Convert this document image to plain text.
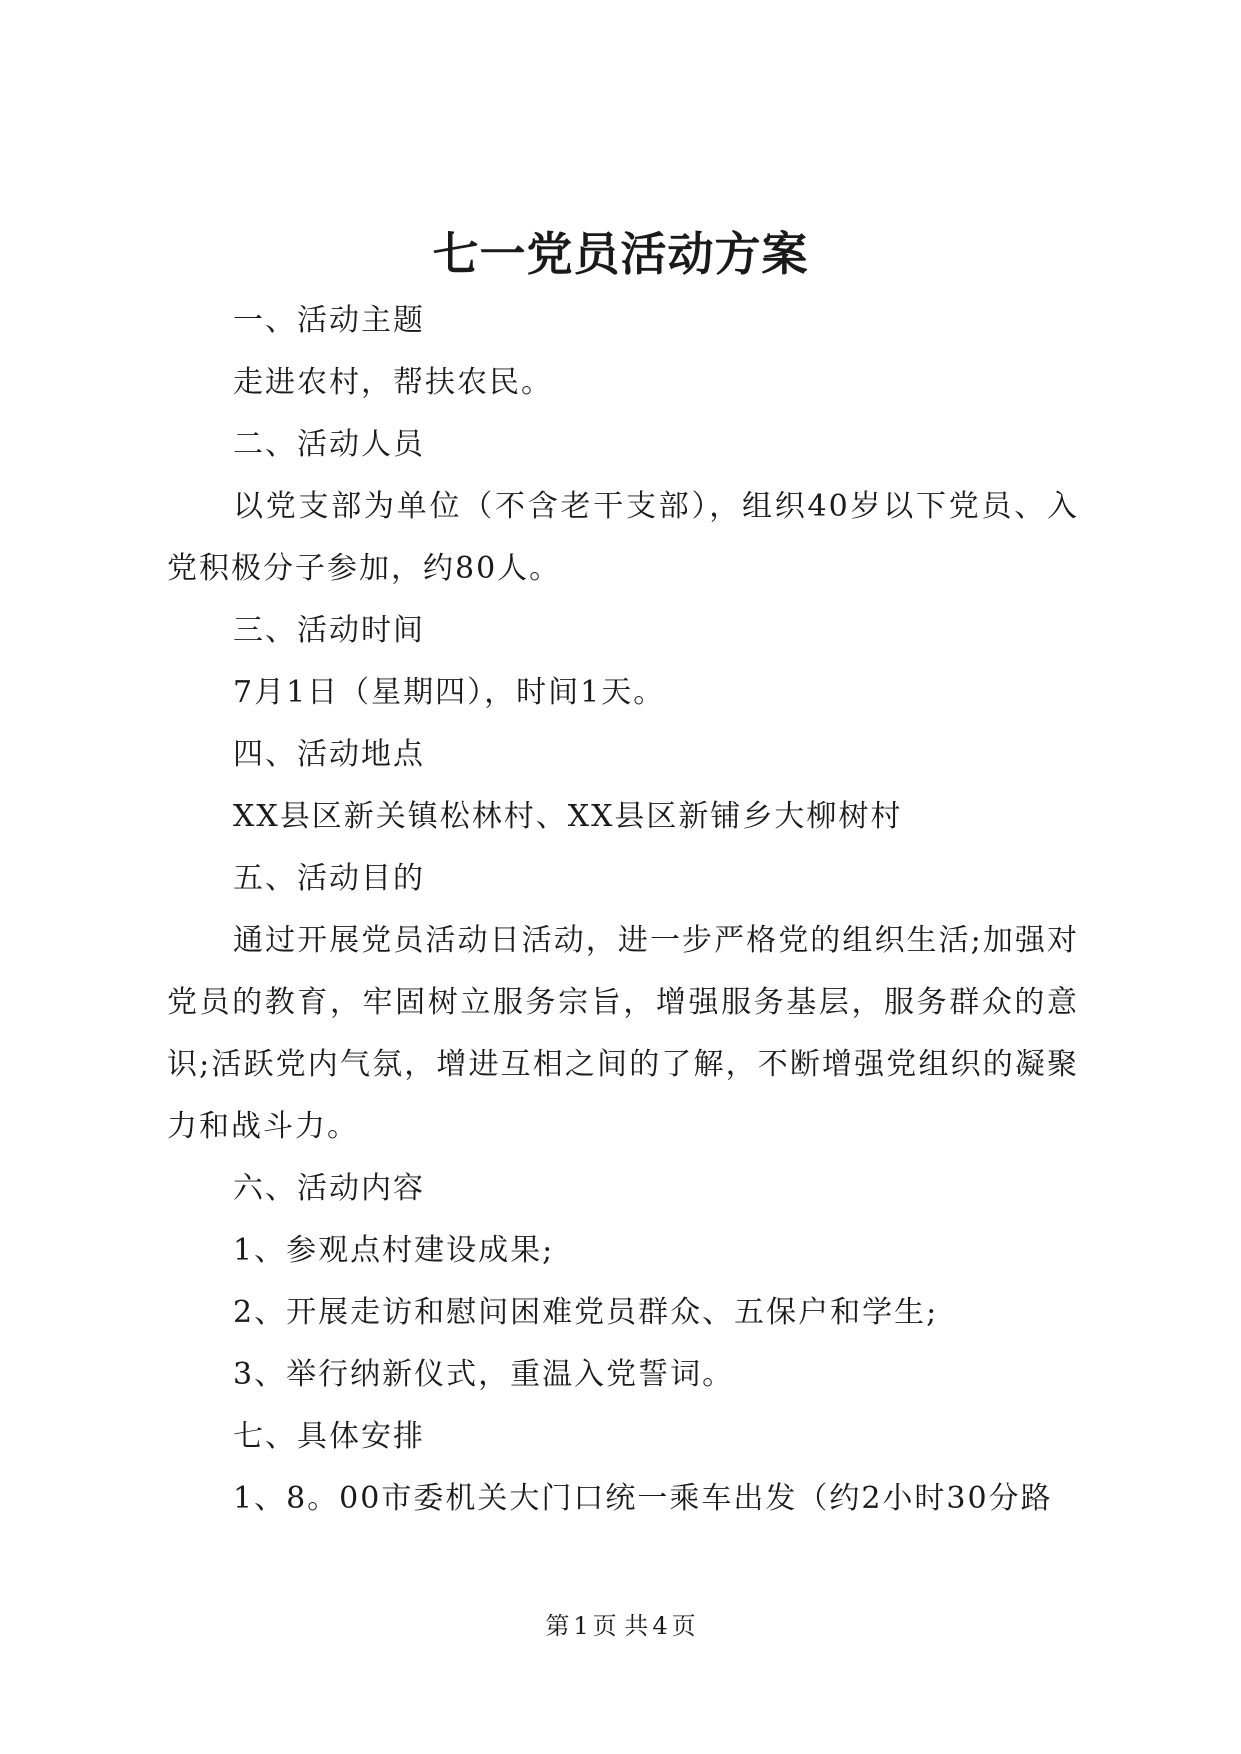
七一党员活动方案

一、活动主题

走进农村，帮扶农民。

二、活动人员

以党支部为单位（不含老干支部），组织40岁以下党员、入党积极分子参加，约80人。

三、活动时间

7月1日（星期四），时间1天。

四、活动地点

XX县区新关镇松林村、XX县区新铺乡大柳树村

五、活动目的

通过开展党员活动日活动，进一步严格党的组织生活;加强对党员的教育，牢固树立服务宗旨，增强服务基层，服务群众的意识;活跃党内气氛，增进互相之间的了解，不断增强党组织的凝聚力和战斗力。

六、活动内容

1、参观点村建设成果;

2、开展走访和慰问困难党员群众、五保户和学生;

3、举行纳新仪式，重温入党誓词。

七、具体安排

1、8。00市委机关大门口统一乘车出发（约2小时30分路

第 1 页 共 4 页
